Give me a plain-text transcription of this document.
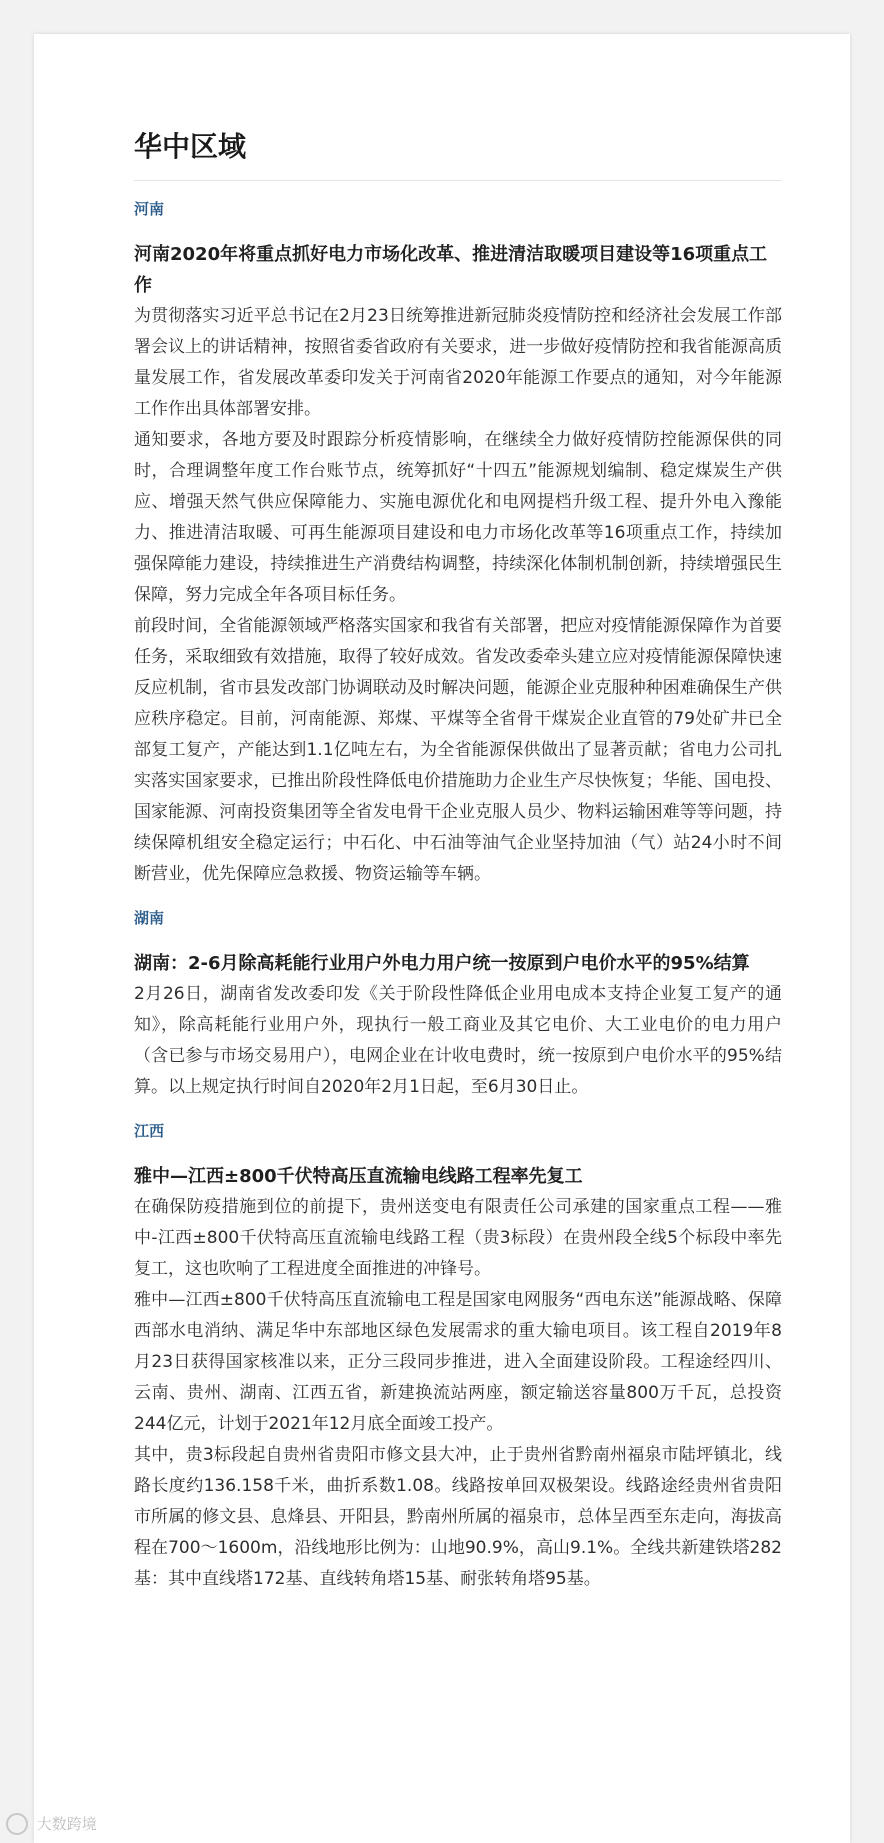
华中区域
河南
河南2020年将重点抓好电力市场化改革、推进清洁取暖项目建设等16项重点工作

为贯彻落实习近平总书记在2月23日统筹推进新冠肺炎疫情防控和经济社会发展工作部署会议上的讲话精神，按照省委省政府有关要求，进一步做好疫情防控和我省能源高质量发展工作，省发展改革委印发关于河南省2020年能源工作要点的通知，对今年能源工作作出具体部署安排。

通知要求，各地方要及时跟踪分析疫情影响，在继续全力做好疫情防控能源保供的同时，合理调整年度工作台账节点，统筹抓好“十四五”能源规划编制、稳定煤炭生产供应、增强天然气供应保障能力、实施电源优化和电网提档升级工程、提升外电入豫能力、推进清洁取暖、可再生能源项目建设和电力市场化改革等16项重点工作，持续加强保障能力建设，持续推进生产消费结构调整，持续深化体制机制创新，持续增强民生保障，努力完成全年各项目标任务。

前段时间，全省能源领域严格落实国家和我省有关部署，把应对疫情能源保障作为首要任务，采取细致有效措施，取得了较好成效。省发改委牵头建立应对疫情能源保障快速反应机制，省市县发改部门协调联动及时解决问题，能源企业克服种种困难确保生产供应秩序稳定。目前，河南能源、郑煤、平煤等全省骨干煤炭企业直管的79处矿井已全部复工复产，产能达到1.1亿吨左右，为全省能源保供做出了显著贡献；省电力公司扎实落实国家要求，已推出阶段性降低电价措施助力企业生产尽快恢复；华能、国电投、国家能源、河南投资集团等全省发电骨干企业克服人员少、物料运输困难等等问题，持续保障机组安全稳定运行；中石化、中石油等油气企业坚持加油（气）站24小时不间断营业，优先保障应急救援、物资运输等车辆。

湖南
湖南：2-6月除高耗能行业用户外电力用户统一按原到户电价水平的95%结算

2月26日，湖南省发改委印发《关于阶段性降低企业用电成本支持企业复工复产的通知》，除高耗能行业用户外，现执行一般工商业及其它电价、大工业电价的电力用户（含已参与市场交易用户），电网企业在计收电费时，统一按原到户电价水平的95%结算。以上规定执行时间自2020年2月1日起，至6月30日止。

江西
雅中—江西±800千伏特高压直流输电线路工程率先复工

在确保防疫措施到位的前提下，贵州送变电有限责任公司承建的国家重点工程——雅中-江西±800千伏特高压直流输电线路工程（贵3标段）在贵州段全线5个标段中率先复工，这也吹响了工程进度全面推进的冲锋号。

雅中—江西±800千伏特高压直流输电工程是国家电网服务“西电东送”能源战略、保障西部水电消纳、满足华中东部地区绿色发展需求的重大输电项目。该工程自2019年8月23日获得国家核准以来，正分三段同步推进，进入全面建设阶段。工程途经四川、云南、贵州、湖南、江西五省，新建换流站两座，额定输送容量800万千瓦，总投资244亿元，计划于2021年12月底全面竣工投产。

其中，贵3标段起自贵州省贵阳市修文县大冲，止于贵州省黔南州福泉市陆坪镇北，线路长度约136.158千米，曲折系数1.08。线路按单回双极架设。线路途经贵州省贵阳市所属的修文县、息烽县、开阳县，黔南州所属的福泉市，总体呈西至东走向，海拔高程在700～1600m，沿线地形比例为：山地90.9%，高山9.1%。全线共新建铁塔282基：其中直线塔172基、直线转角塔15基、耐张转角塔95基。

大数跨境
